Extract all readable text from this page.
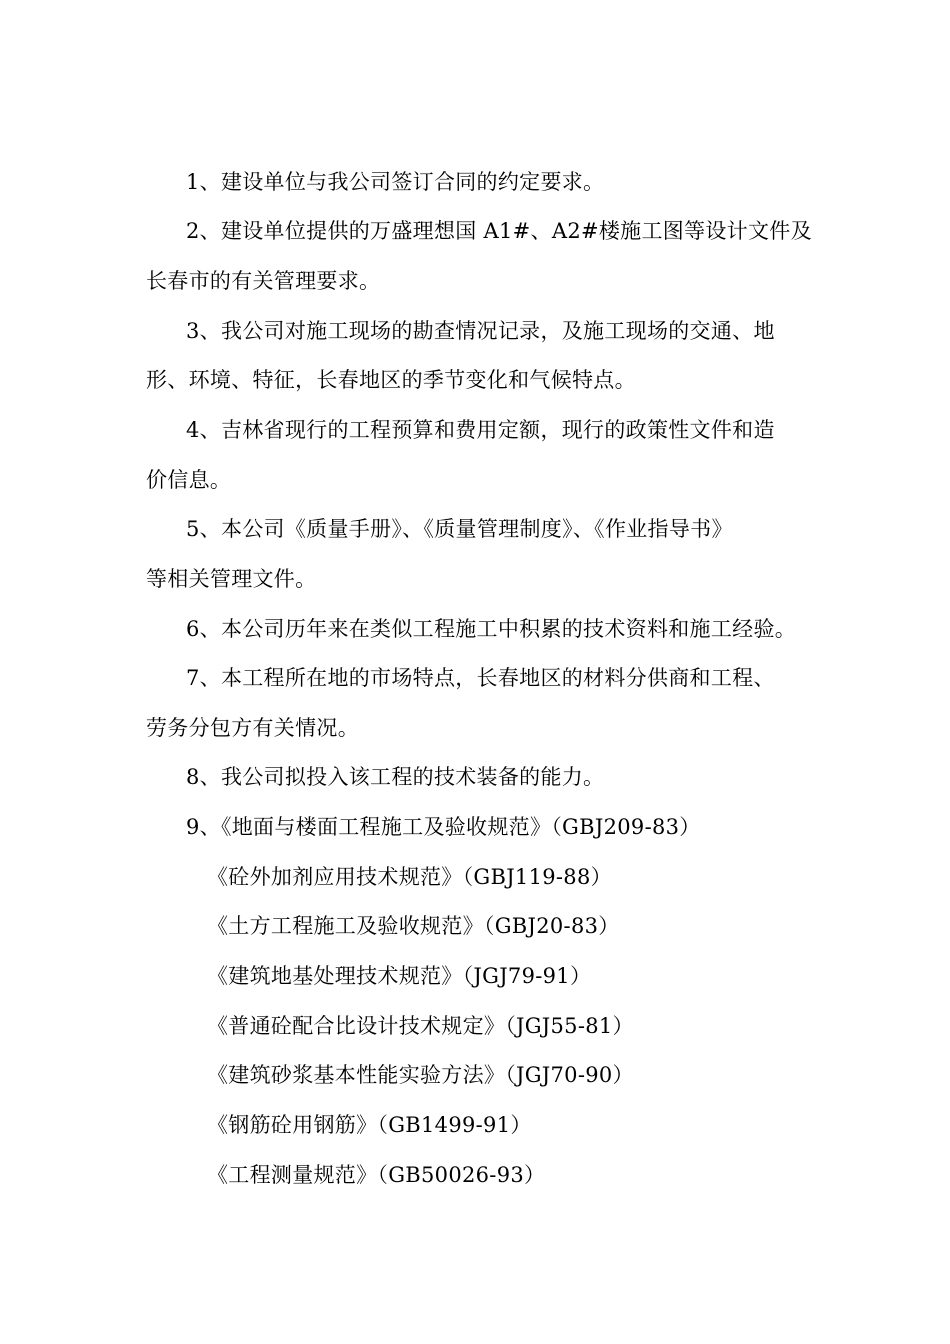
1、建设单位与我公司签订合同的约定要求。
2、建设单位提供的万盛理想国 A1#、A2#楼施工图等设计文件及
长春市的有关管理要求。
3、我公司对施工现场的勘查情况记录，及施工现场的交通、地
形、环境、特征，长春地区的季节变化和气候特点。
4、吉林省现行的工程预算和费用定额，现行的政策性文件和造
价信息。
5、本公司《质量手册》、《质量管理制度》、《作业指导书》
等相关管理文件。
6、本公司历年来在类似工程施工中积累的技术资料和施工经验。
7、本工程所在地的市场特点，长春地区的材料分供商和工程、
劳务分包方有关情况。
8、我公司拟投入该工程的技术装备的能力。
9、《地面与楼面工程施工及验收规范》（GBJ209-83）
《砼外加剂应用技术规范》（GBJ119-88）
《土方工程施工及验收规范》（GBJ20-83）
《建筑地基处理技术规范》（JGJ79-91）
《普通砼配合比设计技术规定》（JGJ55-81）
《建筑砂浆基本性能实验方法》（JGJ70-90）
《钢筋砼用钢筋》（GB1499-91）
《工程测量规范》（GB50026-93）
